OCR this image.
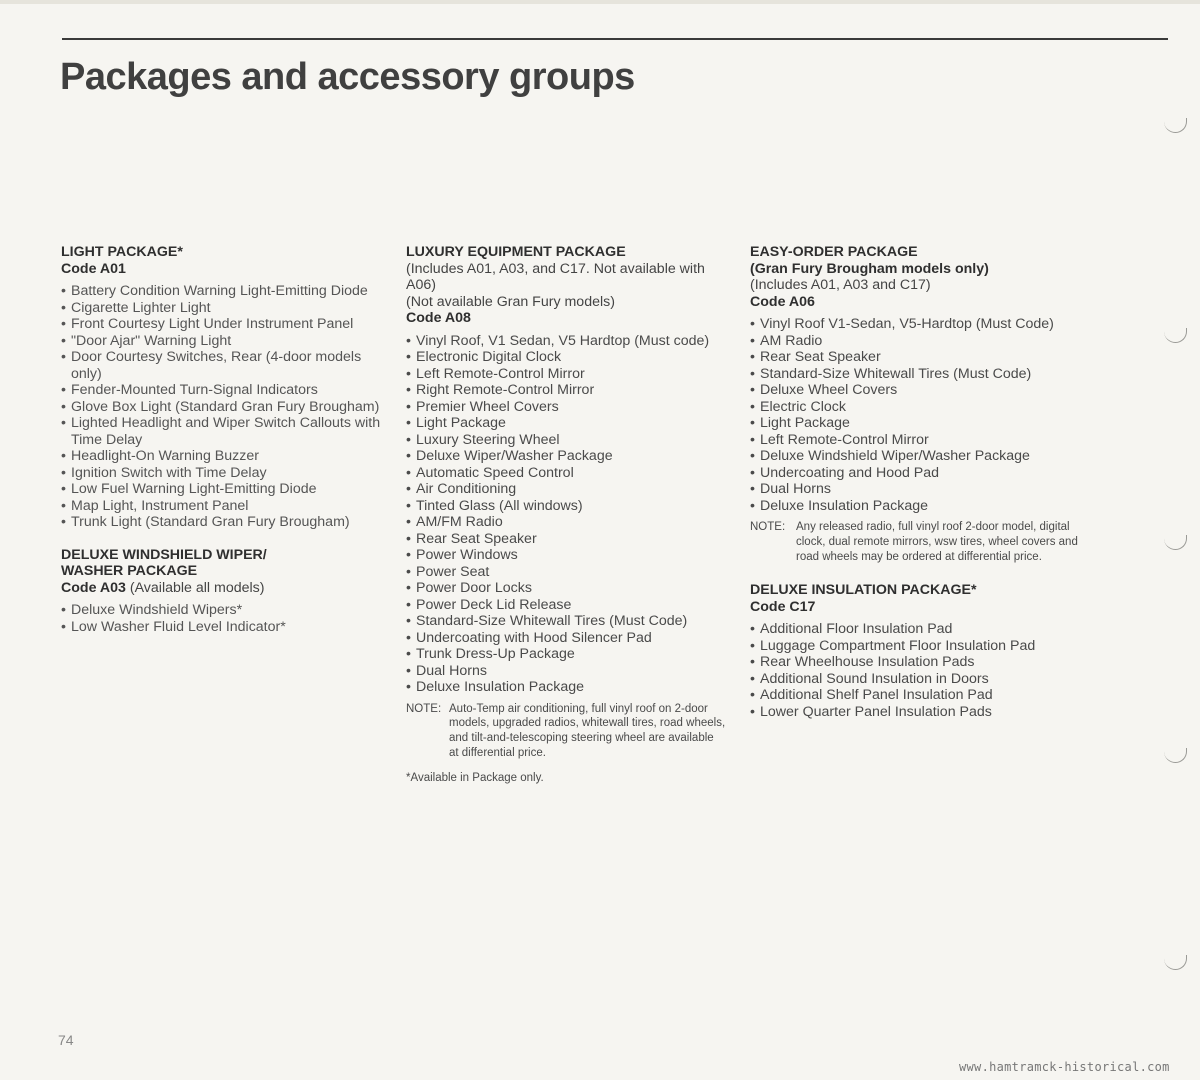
Packages and accessory groups
LIGHT PACKAGE*
Code A01
• Battery Condition Warning Light-Emitting Diode
• Cigarette Lighter Light
• Front Courtesy Light Under Instrument Panel
• "Door Ajar" Warning Light
• Door Courtesy Switches, Rear (4-door models only)
• Fender-Mounted Turn-Signal Indicators
• Glove Box Light (Standard Gran Fury Brougham)
• Lighted Headlight and Wiper Switch Callouts with Time Delay
• Headlight-On Warning Buzzer
• Ignition Switch with Time Delay
• Low Fuel Warning Light-Emitting Diode
• Map Light, Instrument Panel
• Trunk Light (Standard Gran Fury Brougham)
DELUXE WINDSHIELD WIPER/
WASHER PACKAGE
Code A03 (Available all models)
• Deluxe Windshield Wipers*
• Low Washer Fluid Level Indicator*
LUXURY EQUIPMENT PACKAGE
(Includes A01, A03, and C17. Not available with A06)
(Not available Gran Fury models)
Code A08
• Vinyl Roof, V1 Sedan, V5 Hardtop (Must code)
• Electronic Digital Clock
• Left Remote-Control Mirror
• Right Remote-Control Mirror
• Premier Wheel Covers
• Light Package
• Luxury Steering Wheel
• Deluxe Wiper/Washer Package
• Automatic Speed Control
• Air Conditioning
• Tinted Glass (All windows)
• AM/FM Radio
• Rear Seat Speaker
• Power Windows
• Power Seat
• Power Door Locks
• Power Deck Lid Release
• Standard-Size Whitewall Tires (Must Code)
• Undercoating with Hood Silencer Pad
• Trunk Dress-Up Package
• Dual Horns
• Deluxe Insulation Package
NOTE: Auto-Temp air conditioning, full vinyl roof on 2-door models, upgraded radios, whitewall tires, road wheels, and tilt-and-telescoping steering wheel are available at differential price.
*Available in Package only.
EASY-ORDER PACKAGE
(Gran Fury Brougham models only)
(Includes A01, A03 and C17)
Code A06
• Vinyl Roof V1-Sedan, V5-Hardtop (Must Code)
• AM Radio
• Rear Seat Speaker
• Standard-Size Whitewall Tires (Must Code)
• Deluxe Wheel Covers
• Electric Clock
• Light Package
• Left Remote-Control Mirror
• Deluxe Windshield Wiper/Washer Package
• Undercoating and Hood Pad
• Dual Horns
• Deluxe Insulation Package
NOTE: Any released radio, full vinyl roof 2-door model, digital clock, dual remote mirrors, wsw tires, wheel covers and road wheels may be ordered at differential price.
DELUXE INSULATION PACKAGE*
Code C17
• Additional Floor Insulation Pad
• Luggage Compartment Floor Insulation Pad
• Rear Wheelhouse Insulation Pads
• Additional Sound Insulation in Doors
• Additional Shelf Panel Insulation Pad
• Lower Quarter Panel Insulation Pads
74
www.hamtramck-historical.com
